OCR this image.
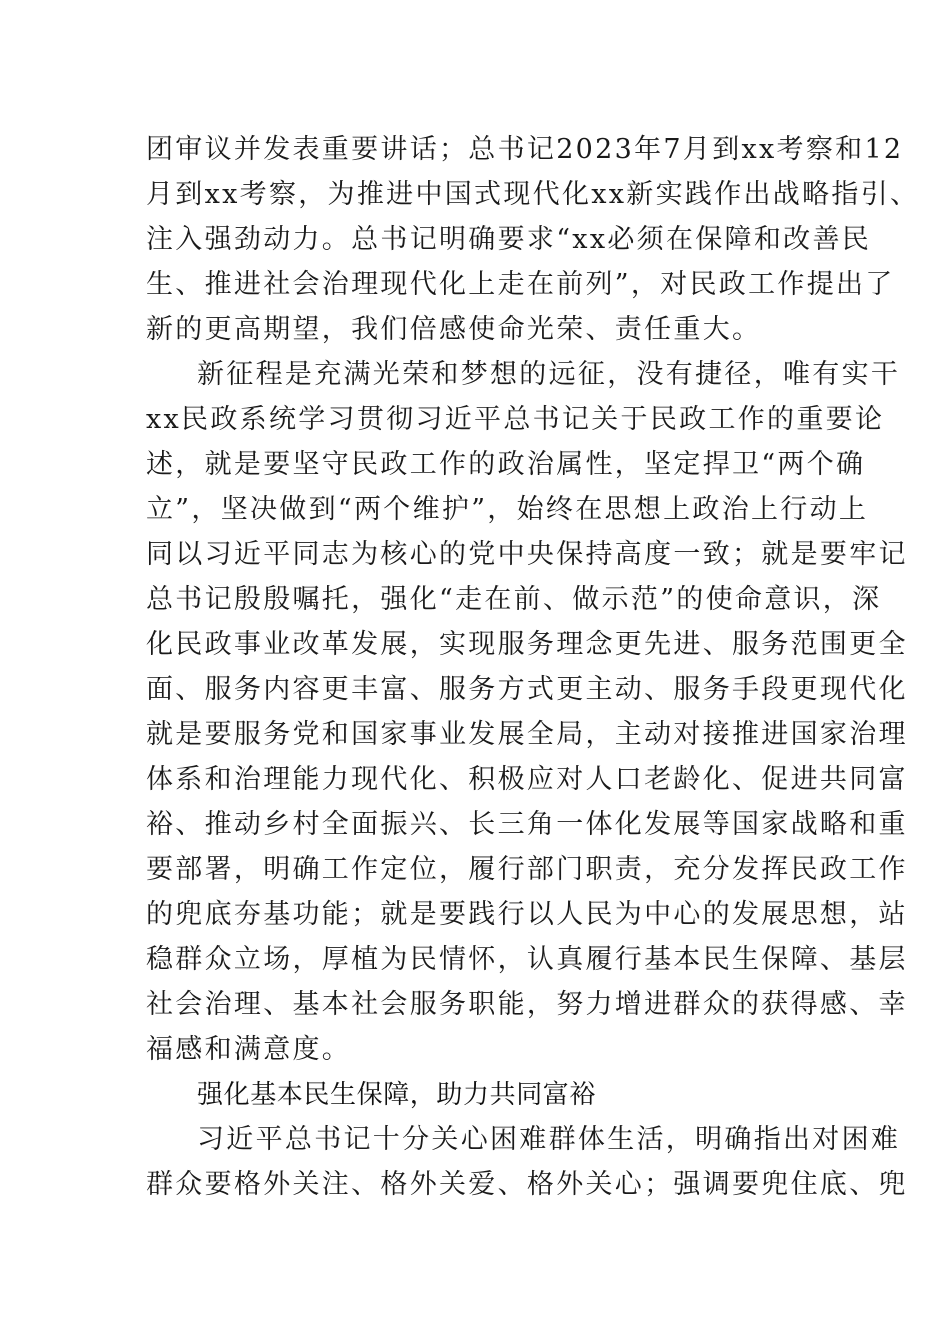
团审议并发表重要讲话；总书记2023年7月到xx考察和12
月到xx考察，为推进中国式现代化xx新实践作出战略指引、
注入强劲动力。总书记明确要求“xx必须在保障和改善民
生、推进社会治理现代化上走在前列”，对民政工作提出了
新的更高期望，我们倍感使命光荣、责任重大。
新征程是充满光荣和梦想的远征，没有捷径，唯有实干
xx民政系统学习贯彻习近平总书记关于民政工作的重要论
述，就是要坚守民政工作的政治属性，坚定捍卫“两个确
立”，坚决做到“两个维护”，始终在思想上政治上行动上
同以习近平同志为核心的党中央保持高度一致；就是要牢记
总书记殷殷嘱托，强化“走在前、做示范”的使命意识，深
化民政事业改革发展，实现服务理念更先进、服务范围更全
面、服务内容更丰富、服务方式更主动、服务手段更现代化
就是要服务党和国家事业发展全局，主动对接推进国家治理
体系和治理能力现代化、积极应对人口老龄化、促进共同富
裕、推动乡村全面振兴、长三角一体化发展等国家战略和重
要部署，明确工作定位，履行部门职责，充分发挥民政工作
的兜底夯基功能；就是要践行以人民为中心的发展思想，站
稳群众立场，厚植为民情怀，认真履行基本民生保障、基层
社会治理、基本社会服务职能，努力增进群众的获得感、幸
福感和满意度。
强化基本民生保障，助力共同富裕
习近平总书记十分关心困难群体生活，明确指出对困难
群众要格外关注、格外关爱、格外关心；强调要兜住底、兜
